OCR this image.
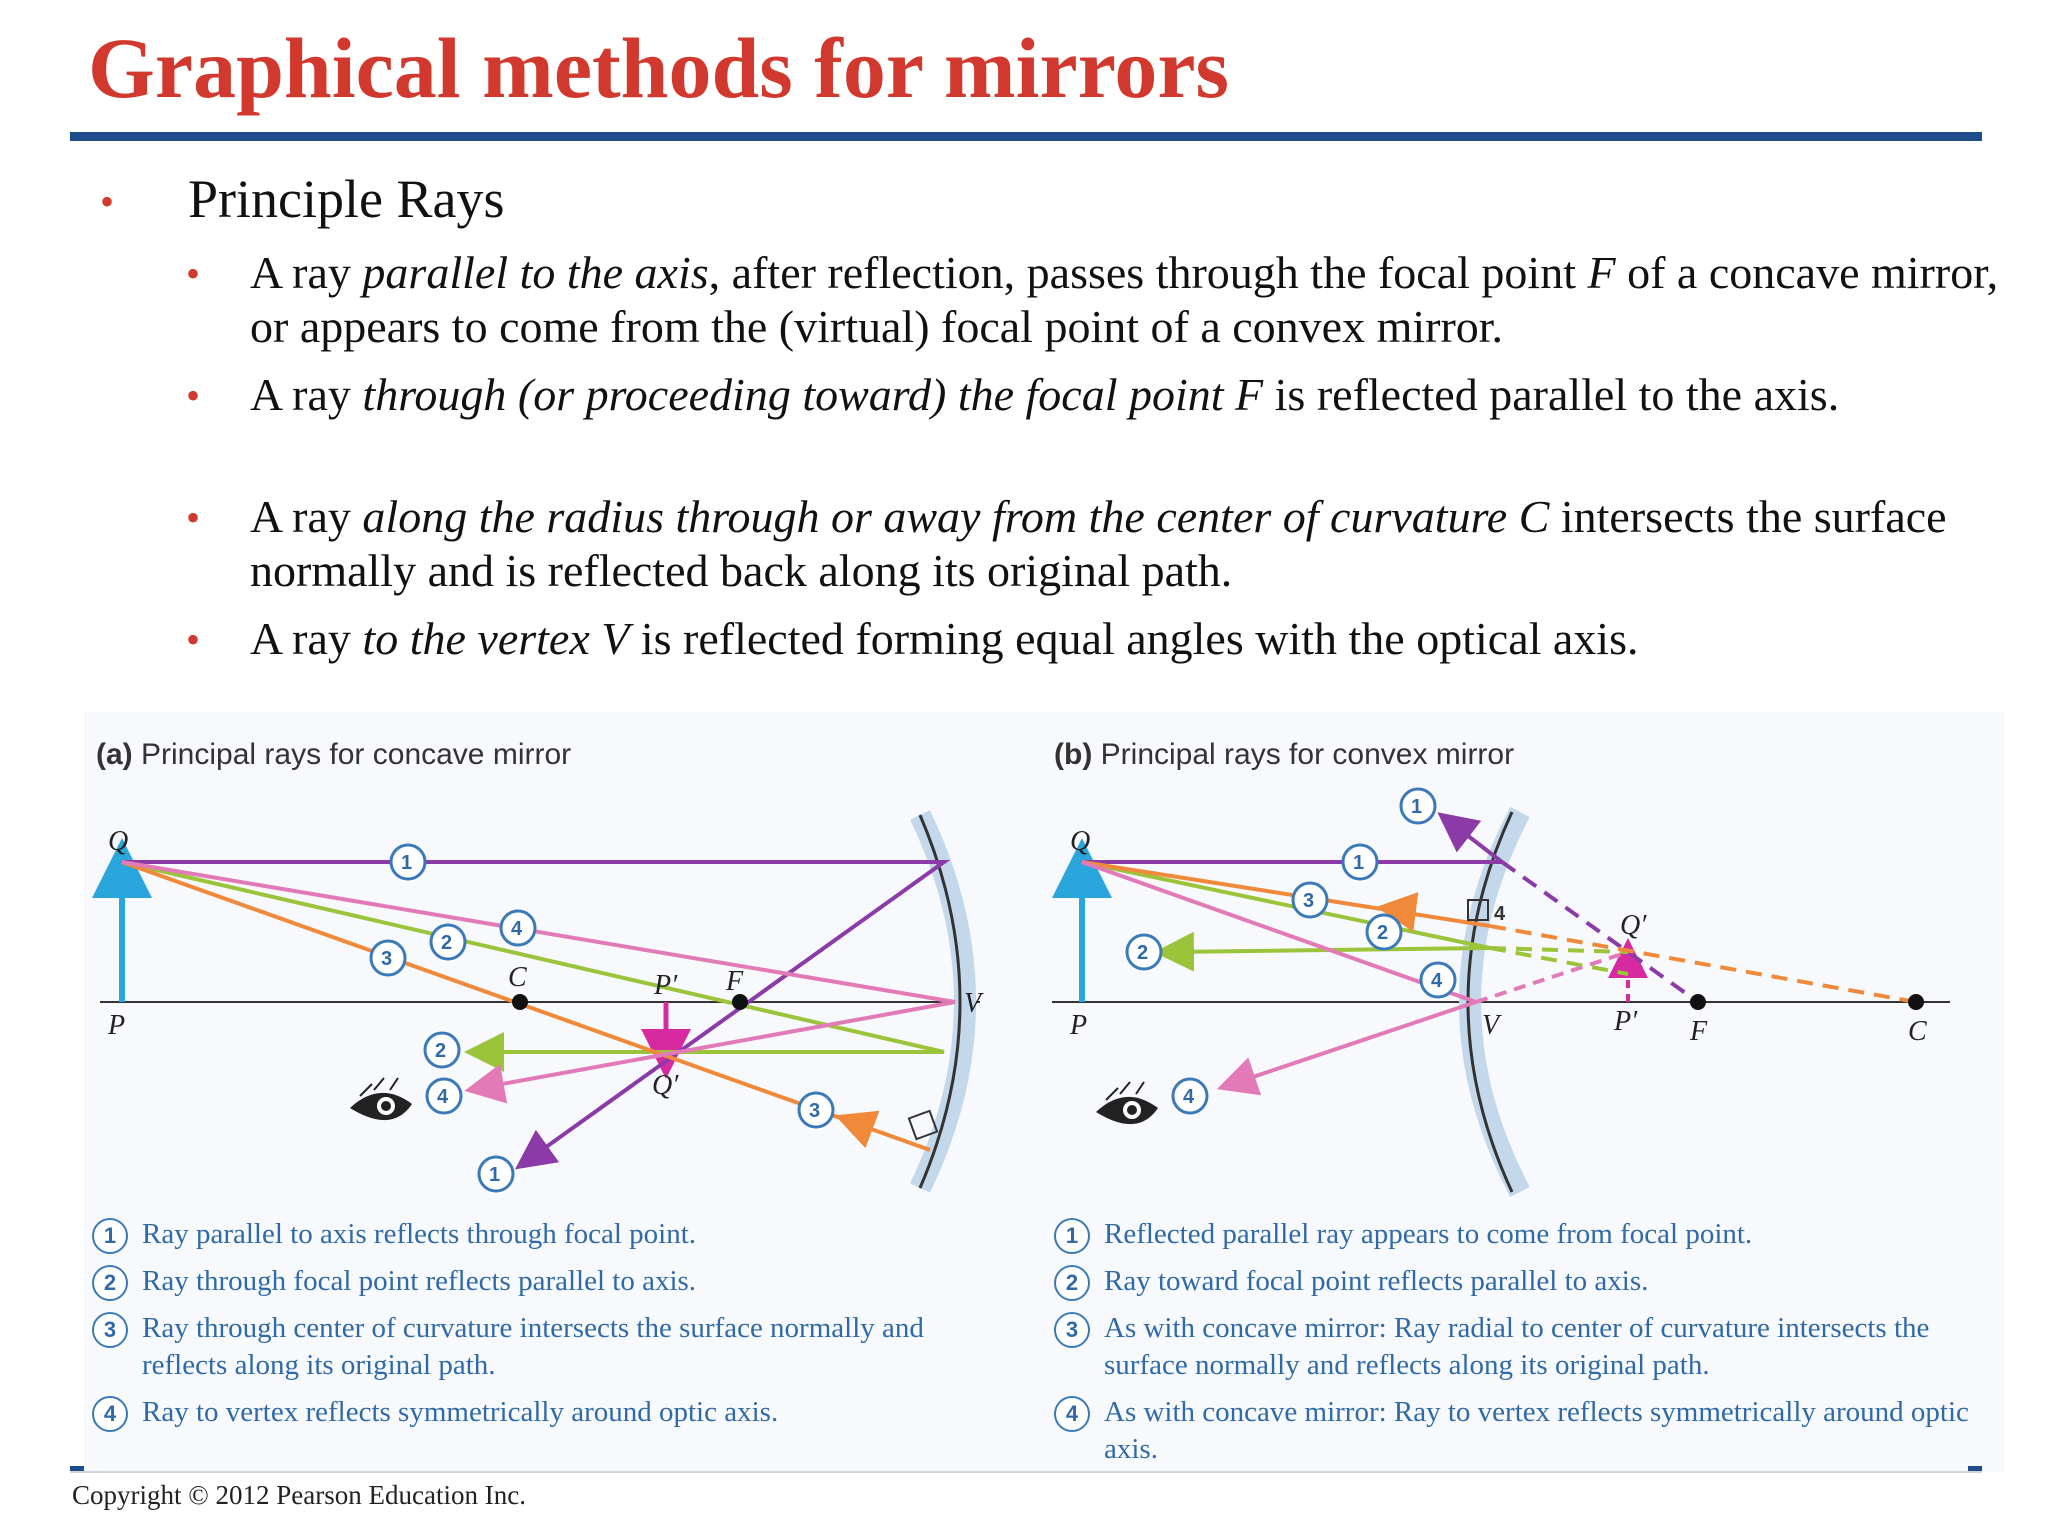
Graphical methods for mirrors
• Principle Rays
• A ray parallel to the axis, after reflection, passes through the focal point F of a concave mirror, or appears to come from the (virtual) focal point of a convex mirror.
• A ray through (or proceeding toward) the focal point F is reflected parallel to the axis.
• A ray along the radius through or away from the center of curvature C intersects the surface normally and is reflected back along its original path.
• A ray to the vertex V is reflected forming equal angles with the optical axis.
(a) Principal rays for concave mirror	(b) Principal rays for convex mirror
Q
P
C	F
V
P′
Q′
1
2
3
4
2
4
3
1
Q
P	V	P′ F	C
Q′
4
1
1
3
2
2
4
4
1 Ray parallel to axis reflects through focal point.
2 Ray through focal point reflects parallel to axis.
3 Ray through center of curvature intersects the surface normally and reflects along its original path.
4 Ray to vertex reflects symmetrically around optic axis.
1 Reflected parallel ray appears to come from focal point.
2 Ray toward focal point reflects parallel to axis.
3 As with concave mirror: Ray radial to center of curvature intersects the surface normally and reflects along its original path.
4 As with concave mirror: Ray to vertex reflects symmetrically around optic axis.
Copyright © 2012 Pearson Education Inc.
